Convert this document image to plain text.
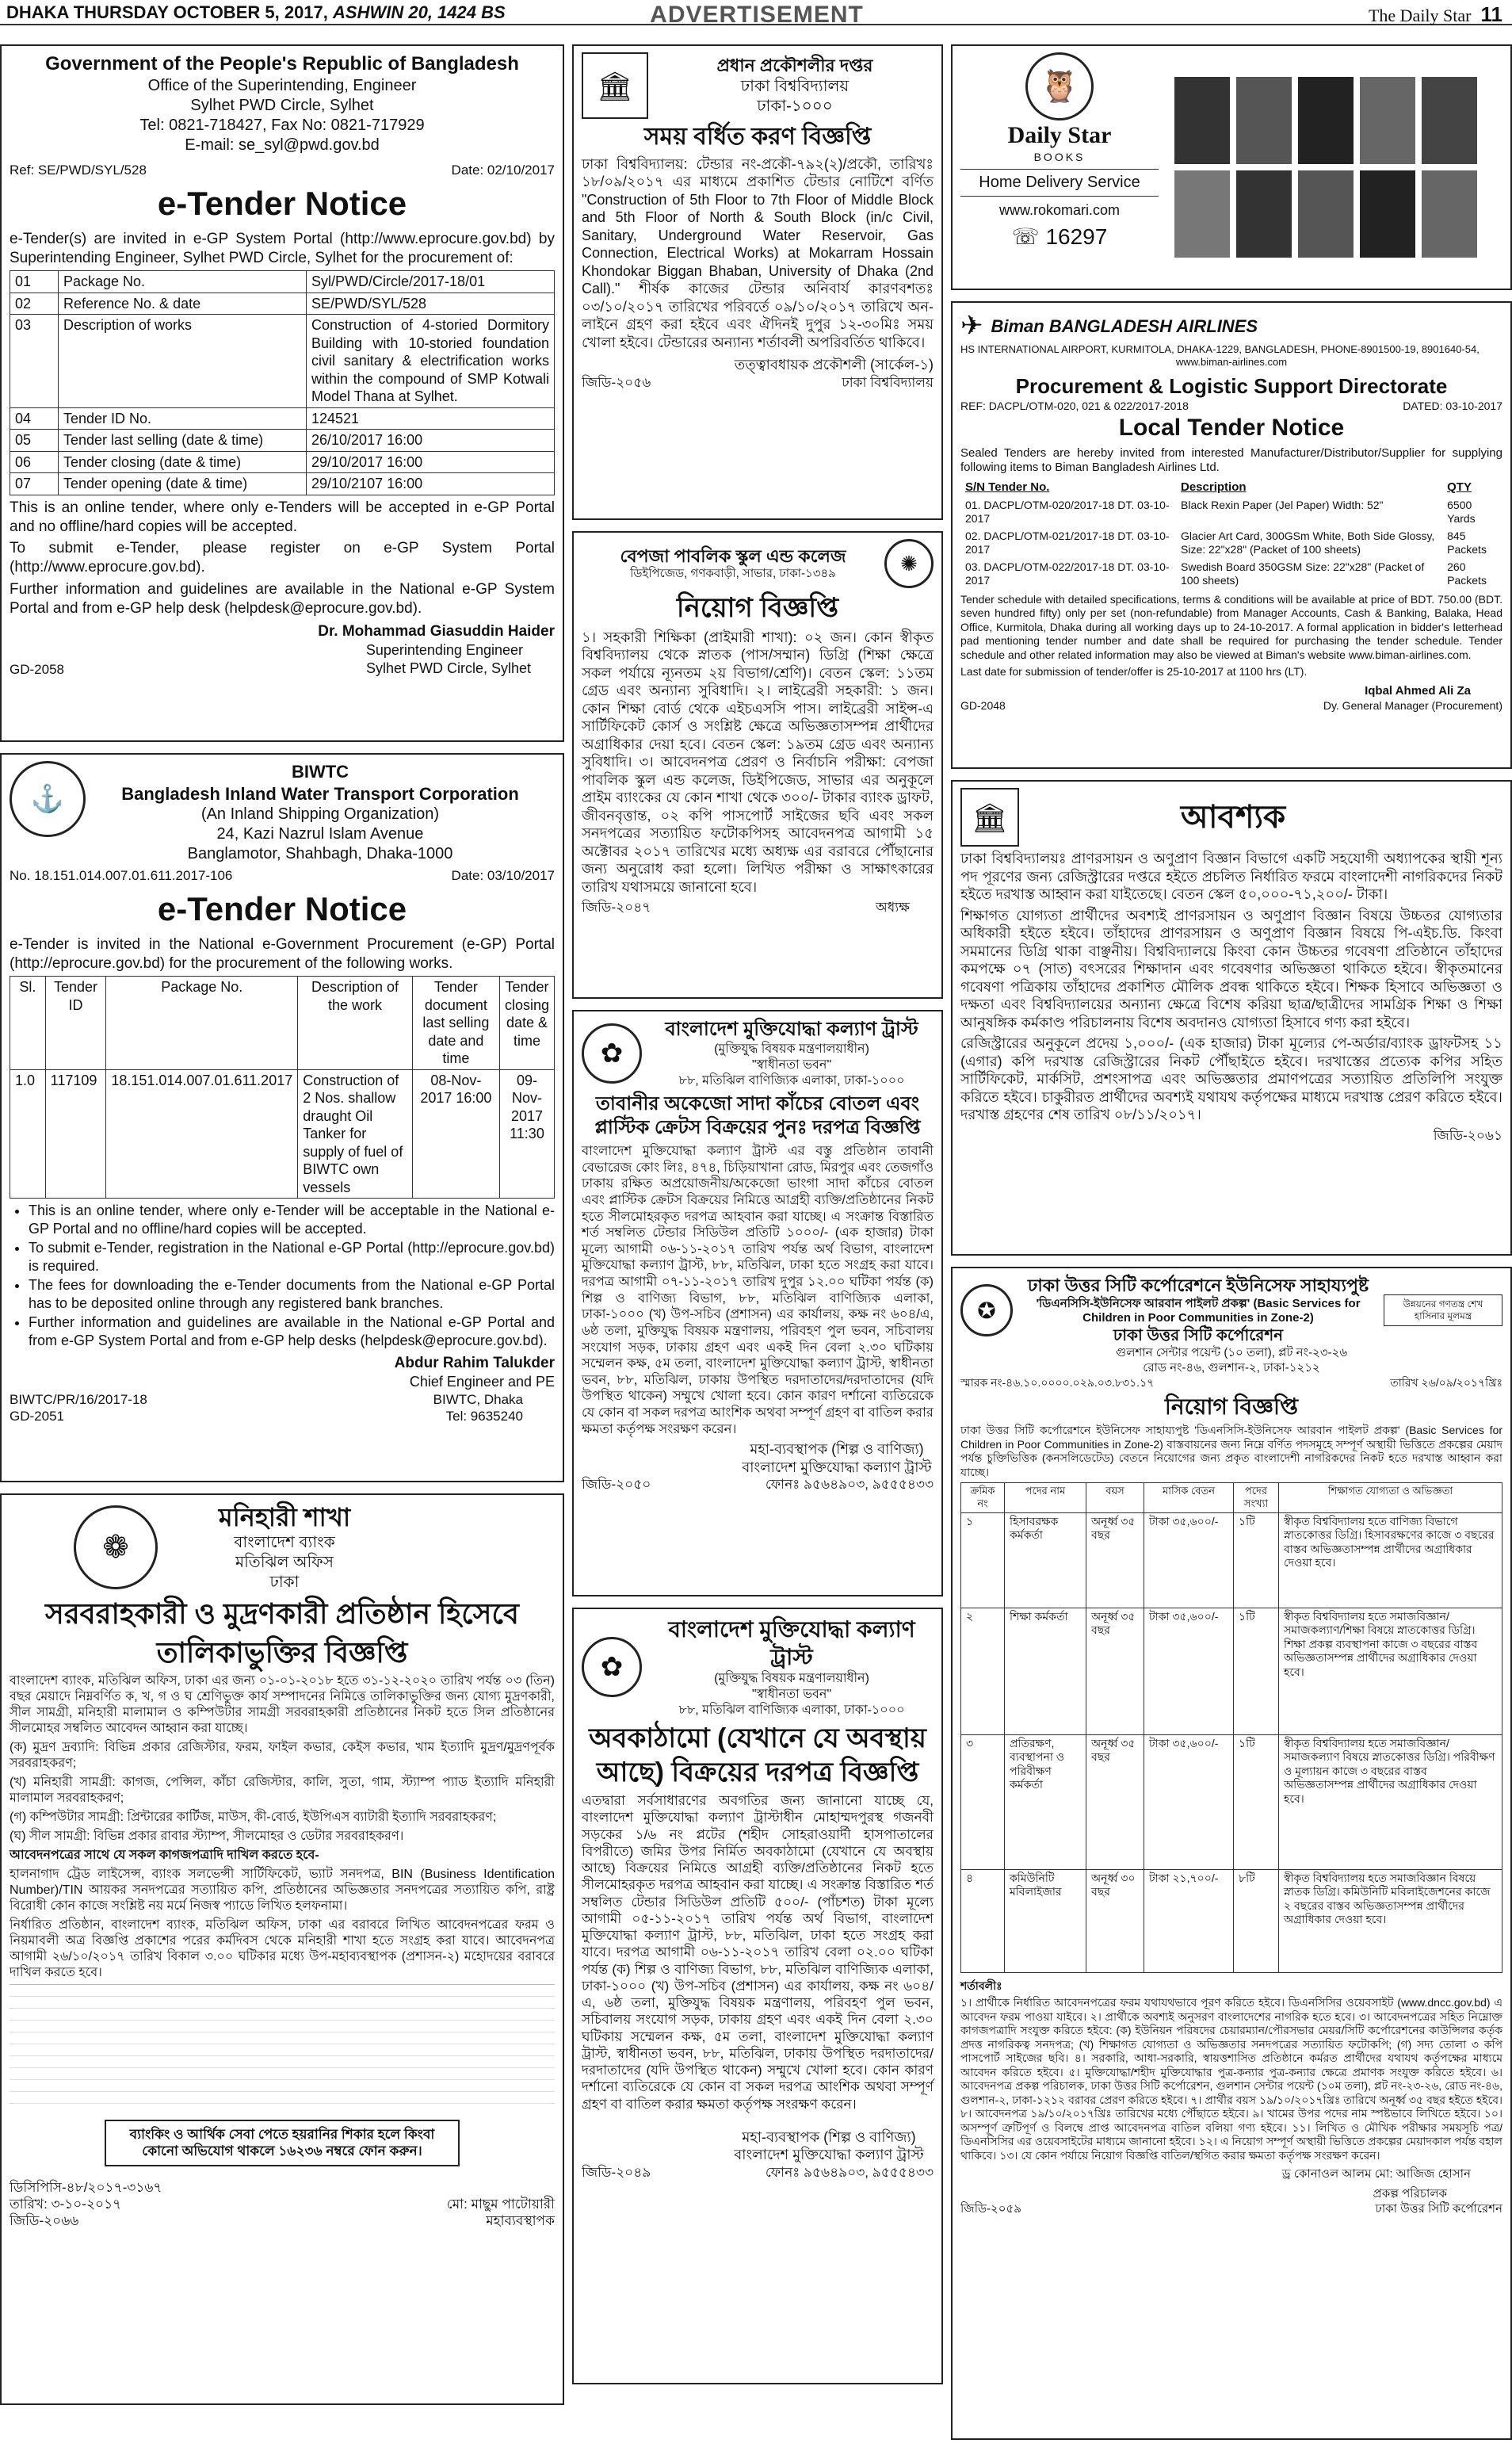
DHAKA THURSDAY OCTOBER 5, 2017, ASHWIN 20, 1424 BS	ADVERTISEMENT	The Daily Star 11
Government of the People's Republic of Bangladesh
Office of the Superintending, Engineer
Sylhet PWD Circle, Sylhet
Tel: 0821-718427, Fax No: 0821-717929
E-mail: se_syl@pwd.gov.bd
Ref: SE/PWD/SYL/528	Date: 02/10/2017
e-Tender Notice

e-Tender(s) are invited in e-GP System Portal (http://www.eprocure.gov.bd) by Superintending Engineer, Sylhet PWD Circle, Sylhet for the procurement of:

01	Package No.	Syl/PWD/Circle/2017-18/01
02	Reference No. & date	SE/PWD/SYL/528
03	Description of works	Construction of 4-storied Dormitory Building with 10-storied foundation civil sanitary & electrification works within the compound of SMP Kotwali Model Thana at Sylhet.
04	Tender ID No.	124521
05	Tender last selling (date & time)	26/10/2017 16:00
06	Tender closing (date & time)	29/10/2017 16:00
07	Tender opening (date & time)	29/10/2107 16:00

This is an online tender, where only e-Tenders will be accepted in e-GP Portal and no offline/hard copies will be accepted.

To submit e-Tender, please register on e-GP System Portal (http://www.eprocure.gov.bd).

Further information and guidelines are available in the National e-GP System Portal and from e-GP help desk (helpdesk@eprocure.gov.bd).

Dr. Mohammad Giasuddin Haider
Superintending Engineer
Sylhet PWD Circle, Sylhet
GD-2058
⚓
BIWTC
Bangladesh Inland Water Transport Corporation
(An Inland Shipping Organization)
24, Kazi Nazrul Islam Avenue
Banglamotor, Shahbagh, Dhaka-1000
No. 18.151.014.007.01.611.2017-106	Date: 03/10/2017
e-Tender Notice

e-Tender is invited in the National e-Government Procurement (e-GP) Portal (http://eprocure.gov.bd) for the procurement of the following works.

Sl.	Tender ID	Package No.	Description of the work	Tender document last selling date and time	Tender closing date & time
1.0	117109	18.151.014.007.01.611.2017	Construction of 2 Nos. shallow draught Oil Tanker for supply of fuel of BIWTC own vessels	08-Nov-2017 16:00	09-Nov-2017 11:30
• This is an online tender, where only e-Tender will be acceptable in the National e-GP Portal and no offline/hard copies will be accepted.
• To submit e-Tender, registration in the National e-GP Portal (http://eprocure.gov.bd) is required.
• The fees for downloading the e-Tender documents from the National e-GP Portal has to be deposited online through any registered bank branches.
• Further information and guidelines are available in the National e-GP Portal and from e-GP System Portal and from e-GP help desks (helpdesk@eprocure.gov.bd).
Abdur Rahim Talukder
Chief Engineer and PE
BIWTC/PR/16/2017-18	BIWTC, Dhaka
GD-2051	Tel: 9635240
❁
মনিহারী শাখা
বাংলাদেশ ব্যাংক
মতিঝিল অফিস
ঢাকা
সরবরাহকারী ও মুদ্রণকারী প্রতিষ্ঠান হিসেবে
তালিকাভুক্তির বিজ্ঞপ্তি

বাংলাদেশ ব্যাংক, মতিঝিল অফিস, ঢাকা এর জন্য ০১-০১-২০১৮ হতে ৩১-১২-২০২০ তারিখ পর্যন্ত ০৩ (তিন) বছর মেয়াদে নিম্নবর্ণিত ক, খ, গ ও ঘ শ্রেণিভুক্ত কার্য সম্পাদনের নিমিত্তে তালিকাভুক্তির জন্য যোগ্য মুদ্রণকারী, সীল সামগ্রী, মনিহারী মালামাল ও কম্পিউটার সামগ্রী সরবরাহকারী প্রতিষ্ঠানের নিকট হতে সিল প্রতিষ্ঠানের সীলমোহর সম্বলিত আবেদন আহ্বান করা যাচ্ছে।

(ক) মুদ্রণ দ্রব্যাদি: বিভিন্ন প্রকার রেজিস্টার, ফরম, ফাইল কভার, কেইস কভার, খাম ইত্যাদি মুদ্রণ/মুদ্রণপূর্বক সরবরাহকরণ;

(খ) মনিহারী সামগ্রী: কাগজ, পেন্সিল, কাঁচা রেজিস্টার, কালি, সুতা, গাম, স্ট্যাম্প প্যাড ইত্যাদি মনিহারী মালামাল সরবরাহকরণ;

(গ) কম্পিউটার সামগ্রী: প্রিন্টারের কার্টিজ, মাউস, কী-বোর্ড, ইউপিএস ব্যাটারী ইত্যাদি সরবরাহকরণ;

(ঘ) সীল সামগ্রী: বিভিন্ন প্রকার রাবার স্ট্যাম্প, সীলমোহর ও ডেটার সরবরাহকরণ।

আবেদনপত্রের সাথে যে সকল কাগজপত্রাদি দাখিল করতে হবে-

হালনাগাদ ট্রেড লাইসেন্স, ব্যাংক সলভেন্সী সার্টিফিকেট, ভ্যাট সনদপত্র, BIN (Business Identification Number)/TIN আয়কর সনদপত্রের সত্যায়িত কপি, প্রতিষ্ঠানের অভিজ্ঞতার সনদপত্রের সত্যায়িত কপি, রাষ্ট্র বিরোধী কোন কাজে সংশ্লিষ্ট নয় মর্মে নিজস্ব প্যাডে লিখিত হলফনামা।

নির্ধারিত প্রতিষ্ঠান, বাংলাদেশ ব্যাংক, মতিঝিল অফিস, ঢাকা এর বরাবরে লিখিত আবেদনপত্রের ফরম ও নিয়মাবলী অত্র বিজ্ঞপ্তি প্রকাশের পরের কর্মদিবস থেকে মনিহারী শাখা হতে সংগ্রহ করা যাবে। আবেদনপত্র আগামী ২৬/১০/২০১৭ তারিখ বিকাল ৩.০০ ঘটিকার মধ্যে উপ-মহাব্যবস্থাপক (প্রশাসন-২) মহোদয়ের বরাবরে দাখিল করতে হবে।

ব্যাংকিং ও আর্থিক সেবা পেতে হয়রানির শিকার হলে কিংবা কোনো অভিযোগ থাকলে ১৬২৩৬ নম্বরে ফোন করুন।
ডিসিপিসি-৪৮/২০১৭-৩১৬৭
তারিখ: ৩-১০-২০১৭	মো: মাছুম পাটোয়ারী
জিডি-২০৬৬	মহাব্যবস্থাপক
🏛
প্রধান প্রকৌশলীর দপ্তর
ঢাকা বিশ্ববিদ্যালয়
ঢাকা-১০০০
সময় বর্ধিত করণ বিজ্ঞপ্তি

ঢাকা বিশ্ববিদ্যালয়: টেন্ডার নং-প্রকৌ-৭৯২(২)/প্রকৌ, তারিখঃ ১৮/০৯/২০১৭ এর মাধ্যমে প্রকাশিত টেন্ডার নোটিশে বর্ণিত "Construction of 5th Floor to 7th Floor of Middle Block and 5th Floor of North & South Block (in/c Civil, Sanitary, Underground Water Reservoir, Gas Connection, Electrical Works) at Mokarram Hossain Khondokar Biggan Bhaban, University of Dhaka (2nd Call)." শীর্ষক কাজের টেন্ডার অনিবার্য কারণবশতঃ ০৩/১০/২০১৭ তারিখের পরিবর্তে ০৯/১০/২০১৭ তারিখে অন-লাইনে গ্রহণ করা হইবে এবং ঐদিনই দুপুর ১২-৩০মিঃ সময় খোলা হইবে। টেন্ডারের অন্যান্য শর্তাবলী অপরিবর্তিত থাকিবে।

তত্ত্বাবধায়ক প্রকৌশলী (সার্কেল-১)
জিডি-২০৫৬	ঢাকা বিশ্ববিদ্যালয়
বেপজা পাবলিক স্কুল এন্ড কলেজ
ডিইপিজেড, গণকবাড়ী, সাভার, ঢাকা-১৩৪৯	✺
নিয়োগ বিজ্ঞপ্তি

১। সহকারী শিক্ষিকা (প্রাইমারী শাখা): ০২ জন। কোন স্বীকৃত বিশ্ববিদ্যালয় থেকে স্নাতক (পাস/সম্মান) ডিগ্রি (শিক্ষা ক্ষেত্রে সকল পর্যায়ে ন্যূনতম ২য় বিভাগ/শ্রেণি)। বেতন স্কেল: ১১তম গ্রেড এবং অন্যান্য সুবিধাদি। ২। লাইব্রেরী সহকারী: ১ জন। কোন শিক্ষা বোর্ড থেকে এইচএসসি পাস। লাইব্রেরী সাইন্স-এ সার্টিফিকেট কোর্স ও সংশ্লিষ্ট ক্ষেত্রে অভিজ্ঞতাসম্পন্ন প্রার্থীদের অগ্রাধিকার দেয়া হবে। বেতন স্কেল: ১৯তম গ্রেড এবং অন্যান্য সুবিধাদি। ৩। আবেদনপত্র প্রেরণ ও নির্বাচনি পরীক্ষা: বেপজা পাবলিক স্কুল এন্ড কলেজ, ডিইপিজেড, সাভার এর অনুকূলে প্রাইম ব্যাংকের যে কোন শাখা থেকে ৩০০/- টাকার ব্যাংক ড্রাফট, জীবনবৃত্তান্ত, ০২ কপি পাসপোর্ট সাইজের ছবি এবং সকল সনদপত্রের সত্যায়িত ফটোকপিসহ আবেদনপত্র আগামী ১৫ অক্টোবর ২০১৭ তারিখের মধ্যে অধ্যক্ষ এর বরাবরে পৌঁছানোর জন্য অনুরোধ করা হলো। লিখিত পরীক্ষা ও সাক্ষাৎকারের তারিখ যথাসময়ে জানানো হবে।

জিডি-২০৪৭	অধ্যক্ষ
✿
বাংলাদেশ মুক্তিযোদ্ধা কল্যাণ ট্রাস্ট
(মুক্তিযুদ্ধ বিষয়ক মন্ত্রণালয়াধীন)
"স্বাধীনতা ভবন"
৮৮, মতিঝিল বাণিজ্যিক এলাকা, ঢাকা-১০০০
তাবানীর অকেজো সাদা কাঁচের বোতল এবং প্লাস্টিক ক্রেটস বিক্রয়ের পুনঃ দরপত্র বিজ্ঞপ্তি

বাংলাদেশ মুক্তিযোদ্ধা কল্যাণ ট্রাস্ট এর বস্তু প্রতিষ্ঠান তাবানী বেভারেজ কোং লিঃ, ৪৭৪, চিড়িয়াখানা রোড, মিরপুর এবং তেজগাঁও ঢাকায় রক্ষিত অপ্রয়োজনীয়/অকেজো ভাংগা সাদা কাঁচের বোতল এবং প্লাস্টিক ক্রেটস বিক্রয়ের নিমিত্তে আগ্রহী ব্যক্তি/প্রতিষ্ঠানের নিকট হতে সীলমোহরকৃত দরপত্র আহবান করা যাচ্ছে। এ সংক্রান্ত বিস্তারিত শর্ত সম্বলিত টেন্ডার সিডিউল প্রতিটি ১০০০/- (এক হাজার) টাকা মূল্যে আগামী ০৬-১১-২০১৭ তারিখ পর্যন্ত অর্থ বিভাগ, বাংলাদেশ মুক্তিযোদ্ধা কল্যাণ ট্রাস্ট, ৮৮, মতিঝিল, ঢাকা হতে সংগ্রহ করা যাবে। দরপত্র আগামী ০৭-১১-২০১৭ তারিখ দুপুর ১২.০০ ঘটিকা পর্যন্ত (ক) শিল্প ও বাণিজ্য বিভাগ, ৮৮, মতিঝিল বাণিজ্যিক এলাকা, ঢাকা-১০০০ (খ) উপ-সচিব (প্রশাসন) এর কার্যালয়, কক্ষ নং ৬০৪/এ, ৬ষ্ঠ তলা, মুক্তিযুদ্ধ বিষয়ক মন্ত্রণালয়, পরিবহণ পুল ভবন, সচিবালয় সংযোগ সড়ক, ঢাকায় গ্রহণ এবং একই দিন বেলা ২.৩০ ঘটিকায় সম্মেলন কক্ষ, ৫ম তলা, বাংলাদেশ মুক্তিযোদ্ধা কল্যাণ ট্রাস্ট, স্বাধীনতা ভবন, ৮৮, মতিঝিল, ঢাকায় উপস্থিত দরদাতাদের/দরদাতাদের (যদি উপস্থিত থাকেন) সম্মুখে খোলা হবে। কোন কারণ দর্শানো ব্যতিরেকে যে কোন বা সকল দরপত্র আংশিক অথবা সম্পূর্ণ গ্রহণ বা বাতিল করার ক্ষমতা কর্তৃপক্ষ সংরক্ষণ করেন।

মহা-ব্যবস্থাপক (শিল্প ও বাণিজ্য)
বাংলাদেশ মুক্তিযোদ্ধা কল্যাণ ট্রাস্ট
জিডি-২০৫০	ফোনঃ ৯৫৬৪৯০৩, ৯৫৫৫৪৩৩
✿
বাংলাদেশ মুক্তিযোদ্ধা কল্যাণ ট্রাস্ট
(মুক্তিযুদ্ধ বিষয়ক মন্ত্রণালয়াধীন)
"স্বাধীনতা ভবন"
৮৮, মতিঝিল বাণিজ্যিক এলাকা, ঢাকা-১০০০
অবকাঠামো (যেখানে যে অবস্থায় আছে) বিক্রয়ের দরপত্র বিজ্ঞপ্তি

এতদ্বারা সর্বসাধারণের অবগতির জন্য জানানো যাচ্ছে যে, বাংলাদেশ মুক্তিযোদ্ধা কল্যাণ ট্রাস্টাধীন মোহাম্মদপুরস্থ গজনবী সড়কের ১/৬ নং প্লটের (শহীদ সোহরাওয়ার্দী হাসপাতালের বিপরীতে) জমির উপর নির্মিত অবকাঠামো (যেখানে যে অবস্থায় আছে) বিক্রয়ের নিমিত্তে আগ্রহী ব্যক্তি/প্রতিষ্ঠানের নিকট হতে সীলমোহরকৃত দরপত্র আহবান করা যাচ্ছে। এ সংক্রান্ত বিস্তারিত শর্ত সম্বলিত টেন্ডার সিডিউল প্রতিটি ৫০০/- (পাঁচশত) টাকা মূল্যে আগামী ০৫-১১-২০১৭ তারিখ পর্যন্ত অর্থ বিভাগ, বাংলাদেশ মুক্তিযোদ্ধা কল্যাণ ট্রাস্ট, ৮৮, মতিঝিল, ঢাকা হতে সংগ্রহ করা যাবে। দরপত্র আগামী ০৬-১১-২০১৭ তারিখ বেলা ০২.০০ ঘটিকা পর্যন্ত (ক) শিল্প ও বাণিজ্য বিভাগ, ৮৮, মতিঝিল বাণিজ্যিক এলাকা, ঢাকা-১০০০ (খ) উপ-সচিব (প্রশাসন) এর কার্যালয়, কক্ষ নং ৬০৪/এ, ৬ষ্ঠ তলা, মুক্তিযুদ্ধ বিষয়ক মন্ত্রণালয়, পরিবহণ পুল ভবন, সচিবালয় সংযোগ সড়ক, ঢাকায় গ্রহণ এবং একই দিন বেলা ২.৩০ ঘটিকায় সম্মেলন কক্ষ, ৫ম তলা, বাংলাদেশ মুক্তিযোদ্ধা কল্যাণ ট্রাস্ট, স্বাধীনতা ভবন, ৮৮, মতিঝিল, ঢাকায় উপস্থিত দরদাতাদের/দরদাতাদের (যদি উপস্থিত থাকেন) সম্মুখে খোলা হবে। কোন কারণ দর্শানো ব্যতিরেকে যে কোন বা সকল দরপত্র আংশিক অথবা সম্পূর্ণ গ্রহণ বা বাতিল করার ক্ষমতা কর্তৃপক্ষ সংরক্ষণ করেন।

মহা-ব্যবস্থাপক (শিল্প ও বাণিজ্য)
বাংলাদেশ মুক্তিযোদ্ধা কল্যাণ ট্রাস্ট
জিডি-২০৪৯	ফোনঃ ৯৫৬৪৯০৩, ৯৫৫৫৪৩৩
🦉
Daily Star
BOOKS
Home Delivery Service
www.rokomari.com
☏ 16297
✈ Biman BANGLADESH AIRLINES
HS INTERNATIONAL AIRPORT, KURMITOLA, DHAKA-1229, BANGLADESH, PHONE-8901500-19, 8901640-54,
www.biman-airlines.com
Procurement & Logistic Support Directorate
REF: DACPL/OTM-020, 021 & 022/2017-2018	DATED: 03-10-2017
Local Tender Notice

Sealed Tenders are hereby invited from interested Manufacturer/Distributor/Supplier for supplying following items to Biman Bangladesh Airlines Ltd.

S/N Tender No.	Description	QTY
01. DACPL/OTM-020/2017-18 DT. 03-10-2017	Black Rexin Paper (Jel Paper) Width: 52"	6500 Yards
02. DACPL/OTM-021/2017-18 DT. 03-10-2017	Glacier Art Card, 300GSm White, Both Side Glossy, Size: 22"x28" (Packet of 100 sheets)	845 Packets
03. DACPL/OTM-022/2017-18 DT. 03-10-2017	Swedish Board 350GSM Size: 22"x28" (Packet of 100 sheets)	260 Packets

Tender schedule with detailed specifications, terms & conditions will be available at price of BDT. 750.00 (BDT. seven hundred fifty) only per set (non-refundable) from Manager Accounts, Cash & Banking, Balaka, Head Office, Kurmitola, Dhaka during all working days up to 24-10-2017. A formal application in bidder's letterhead pad mentioning tender number and date shall be required for purchasing the tender schedule. Tender schedule and other related information may also be viewed at Biman's website www.biman-airlines.com.

Last date for submission of tender/offer is 25-10-2017 at 1100 hrs (LT).

Iqbal Ahmed Ali Za
GD-2048	Dy. General Manager (Procurement)
🏛	আবশ্যক

ঢাকা বিশ্ববিদ্যালয়ঃ প্রাণরসায়ন ও অণুপ্রাণ বিজ্ঞান বিভাগে একটি সহযোগী অধ্যাপকের স্থায়ী শূন্য পদ পূরণের জন্য রেজিস্ট্রারের দপ্তরে হইতে প্রচলিত নির্ধারিত ফরমে বাংলাদেশী নাগরিকদের নিকট হইতে দরখাস্ত আহ্বান করা যাইতেছে। বেতন স্কেল ৫০,০০০-৭১,২০০/- টাকা।

শিক্ষাগত যোগ্যতা প্রার্থীদের অবশ্যই প্রাণরসায়ন ও অণুপ্রাণ বিজ্ঞান বিষয়ে উচ্চতর যোগ্যতার অধিকারী হইতে হইবে। তাঁহাদের প্রাণরসায়ন ও অণুপ্রাণ বিজ্ঞান বিষয়ে পি-এইচ.ডি. কিংবা সমমানের ডিগ্রি থাকা বাঞ্ছনীয়। বিশ্ববিদ্যালয়ে কিংবা কোন উচ্চতর গবেষণা প্রতিষ্ঠানে তাঁহাদের কমপক্ষে ০৭ (সাত) বৎসরের শিক্ষাদান এবং গবেষণার অভিজ্ঞতা থাকিতে হইবে। স্বীকৃতমানের গবেষণা পত্রিকায় তাঁহাদের প্রকাশিত মৌলিক প্রবন্ধ থাকিতে হইবে। শিক্ষক হিসাবে অভিজ্ঞতা ও দক্ষতা এবং বিশ্ববিদ্যালয়ের অন্যান্য ক্ষেত্রে বিশেষ করিয়া ছাত্র/ছাত্রীদের সামগ্রিক শিক্ষা ও শিক্ষা আনুষঙ্গিক কর্মকাণ্ড পরিচালনায় বিশেষ অবদানও যোগ্যতা হিসাবে গণ্য করা হইবে।

রেজিস্ট্রারের অনুকূলে প্রদেয় ১,০০০/- (এক হাজার) টাকা মূল্যের পে-অর্ডার/ব্যাংক ড্রাফটসহ ১১ (এগার) কপি দরখাস্ত রেজিস্ট্রারের নিকট পৌঁছাইতে হইবে। দরখাস্তের প্রত্যেক কপির সহিত সার্টিফিকেট, মার্কসিট, প্রশংসাপত্র এবং অভিজ্ঞতার প্রমাণপত্রের সত্যায়িত প্রতিলিপি সংযুক্ত করিতে হইবে। চাকুরীরত প্রার্থীদের অবশ্যই যথাযথ কর্তৃপক্ষের মাধ্যমে দরখাস্ত প্রেরণ করিতে হইবে। দরখাস্ত গ্রহণের শেষ তারিখ ০৮/১১/২০১৭।

জিডি-২০৬১
✪
ঢাকা উত্তর সিটি কর্পোরেশনে ইউনিসেফ সাহায্যপুষ্ট
'ডিএনসিসি-ইউনিসেফ আরবান পাইলট প্রকল্প' (Basic Services for Children in Poor Communities in Zone-2)
ঢাকা উত্তর সিটি কর্পোরেশন
উন্নয়নের গণতন্ত্র শেখ হাসিনার মূলমন্ত্র
গুলশান সেন্টার পয়েন্ট (১০ তলা), প্লট নং-২৩-২৬
রোড নং-৪৬, গুলশান-২, ঢাকা-১২১২
স্মারক নং-৪৬.১০.০০০০.০২৯.০৩.৮৩১.১৭	তারিখ ২৬/০৯/২০১৭খ্রিঃ
নিয়োগ বিজ্ঞপ্তি

ঢাকা উত্তর সিটি কর্পোরেশনে ইউনিসেফ সাহায্যপুষ্ট 'ডিএনসিসি-ইউনিসেফ আরবান পাইলট প্রকল্প' (Basic Services for Children in Poor Communities in Zone-2) বাস্তবায়নের জন্য নিম্নে বর্ণিত পদসমূহে সম্পূর্ণ অস্থায়ী ভিত্তিতে প্রকল্পের মেয়াদ পর্যন্ত চুক্তিভিত্তিক (কনসলিডেটেড) বেতনে নিয়োগের জন্য প্রকৃত বাংলাদেশী নাগরিকদের নিকট হতে দরখাস্ত আহ্বান করা যাচ্ছে।

ক্রমিক নং	পদের নাম	বয়স	মাসিক বেতন	পদের সংখ্যা	শিক্ষাগত যোগ্যতা ও অভিজ্ঞতা
১	হিসাবরক্ষক কর্মকর্তা	অনূর্ধ্ব ৩৫ বছর	টাকা ৩৫,৬০০/-	১টি	স্বীকৃত বিশ্ববিদ্যালয় হতে বাণিজ্য বিভাগে স্নাতকোত্তর ডিগ্রি। হিসাবরক্ষণের কাজে ৩ বছরের বাস্তব অভিজ্ঞতাসম্পন্ন প্রার্থীদের অগ্রাধিকার দেওয়া হবে।
২	শিক্ষা কর্মকর্তা	অনূর্ধ্ব ৩৫ বছর	টাকা ৩৫,৬০০/-	১টি	স্বীকৃত বিশ্ববিদ্যালয় হতে সমাজবিজ্ঞান/সমাজকল্যাণ/শিক্ষা বিষয়ে স্নাতকোত্তর ডিগ্রি। শিক্ষা প্রকল্প ব্যবস্থাপনা কাজে ৩ বছরের বাস্তব অভিজ্ঞতাসম্পন্ন প্রার্থীদের অগ্রাধিকার দেওয়া হবে।
৩	প্রতিরক্ষণ, ব্যবস্থাপনা ও পরিবীক্ষণ কর্মকর্তা	অনূর্ধ্ব ৩৫ বছর	টাকা ৩৫,৬০০/-	১টি	স্বীকৃত বিশ্ববিদ্যালয় হতে সমাজবিজ্ঞান/সমাজকল্যাণ বিষয়ে স্নাতকোত্তর ডিগ্রি। পরিবীক্ষণ ও মূল্যায়ন কাজে ৩ বছরের বাস্তব অভিজ্ঞতাসম্পন্ন প্রার্থীদের অগ্রাধিকার দেওয়া হবে।
৪	কমিউনিটি মবিলাইজার	অনূর্ধ্ব ৩০ বছর	টাকা ২১,৭০০/-	৮টি	স্বীকৃত বিশ্ববিদ্যালয় হতে সমাজবিজ্ঞান বিষয়ে স্নাতক ডিগ্রি। কমিউনিটি মবিলাইজেশনের কাজে ২ বছরের বাস্তব অভিজ্ঞতাসম্পন্ন প্রার্থীদের অগ্রাধিকার দেওয়া হবে।

শর্তাবলীঃ

১। প্রার্থীকে নির্ধারিত আবেদনপত্রের ফরম যথাযথভাবে পূরণ করিতে হইবে। ডিএনসিসির ওয়েবসাইট (www.dncc.gov.bd) এ আবেদন ফরম পাওয়া যাইবে। ২। প্রার্থীকে অবশ্যই অনুসরণ বাংলাদেশের নাগরিক হতে হবে। ৩। আবেদনপত্রের সহিত নিম্নোক্ত কাগজপত্রাদি সংযুক্ত করিতে হইবে: (ক) ইউনিয়ন পরিষদের চেয়ারম্যান/পৌরসভার মেয়র/সিটি কর্পোরেশনের কাউন্সিলর কর্তৃক প্রদত্ত নাগরিকত্ব সনদপত্র; (খ) শিক্ষাগত যোগ্যতা ও অভিজ্ঞতার সনদপত্রের সত্যায়িত ফটোকপি; (গ) সদ্য তোলা ৩ কপি পাসপোর্ট সাইজের ছবি। ৪। সরকারি, আধা-সরকারি, স্বায়ত্তশাসিত প্রতিষ্ঠানে কর্মরত প্রার্থীদের যথাযথ কর্তৃপক্ষের মাধ্যমে আবেদন করিতে হইবে। ৫। মুক্তিযোদ্ধা/শহীদ মুক্তিযোদ্ধার পুত্র-কন্যার পুত্র-কন্যার ক্ষেত্রে প্রমাণক সংযুক্ত করিতে হইবে। ৬। আবেদনপত্র প্রকল্প পরিচালক, ঢাকা উত্তর সিটি কর্পোরেশন, গুলশান সেন্টার পয়েন্ট (১০ম তলা), প্লট নং-২৩-২৬, রোড নং-৪৬, গুলশান-২, ঢাকা-১২১২ বরাবর প্রেরণ করিতে হইবে। ৭। প্রার্থীর বয়স ১৯/১০/২০১৭খ্রিঃ তারিখে অনূর্ধ্ব ৩৫ বছর হইতে হইবে। ৮। আবেদনপত্র ১৯/১০/২০১৭খ্রিঃ তারিখের মধ্যে পৌঁছাতে হইবে। ৯। খামের উপর পদের নাম স্পষ্টভাবে লিখিতে হইবে। ১০। অসম্পূর্ণ ত্রুটিপূর্ণ ও বিলম্বে প্রাপ্ত আবেদনপত্র বাতিল বলিয়া গণ্য হইবে। ১১। লিখিত ও মৌখিক পরীক্ষার সময়সূচি পত্র/ডিএনসিসির এর ওয়েবসাইটের মাধ্যমে জানানো হইবে। ১২। এ নিয়োগ সম্পূর্ণ অস্থায়ী ভিত্তিতে প্রকল্পের মেয়াদকাল পর্যন্ত বহাল থাকিবে। ১৩। যে কোন পর্যায়ে নিয়োগ বিজ্ঞপ্তি বাতিল/স্থগিত করার ক্ষমতা কর্তৃপক্ষ সংরক্ষণ করেন।

ড্র কোনাওল আলম মো: আজিজ হোসান
প্রকল্প পরিচালক
জিডি-২০৫৯	ঢাকা উত্তর সিটি কর্পোরেশন
